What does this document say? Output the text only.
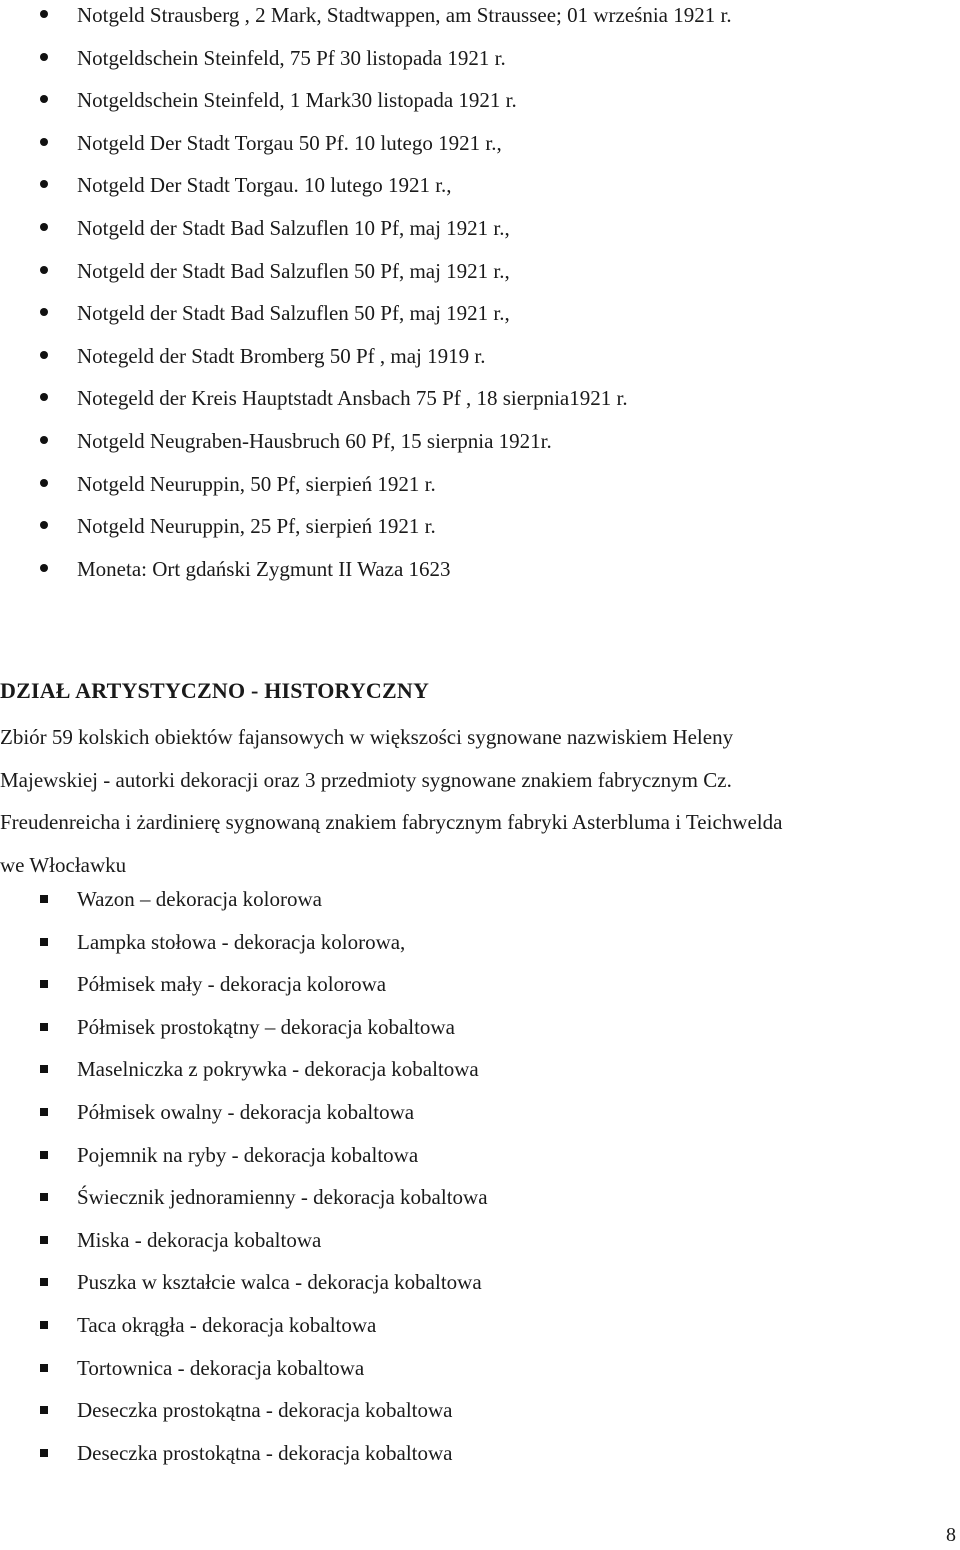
Notgeld Strausberg , 2 Mark, Stadtwappen, am Straussee; 01 września 1921 r.
Notgeldschein Steinfeld, 75 Pf 30 listopada 1921 r.
Notgeldschein Steinfeld, 1 Mark30 listopada 1921 r.
Notgeld Der Stadt Torgau 50 Pf. 10 lutego 1921 r.,
Notgeld Der Stadt Torgau. 10 lutego 1921 r.,
Notgeld der Stadt Bad Salzuflen 10 Pf, maj 1921 r.,
Notgeld der Stadt Bad Salzuflen 50 Pf, maj 1921 r.,
Notgeld der Stadt Bad Salzuflen 50 Pf, maj 1921 r.,
Notegeld der Stadt Bromberg 50 Pf , maj 1919 r.
Notegeld der Kreis Hauptstadt Ansbach 75 Pf , 18 sierpnia1921 r.
Notgeld Neugraben-Hausbruch 60 Pf, 15 sierpnia 1921r.
Notgeld Neuruppin, 50 Pf, sierpień 1921 r.
Notgeld Neuruppin, 25 Pf, sierpień 1921 r.
Moneta: Ort gdański Zygmunt II Waza 1623
DZIAŁ ARTYSTYCZNO - HISTORYCZNY
Zbiór 59 kolskich obiektów fajansowych w większości sygnowane nazwiskiem Heleny
Majewskiej - autorki dekoracji oraz 3 przedmioty sygnowane znakiem fabrycznym Cz.
Freudenreicha i żardinierę sygnowaną znakiem fabrycznym fabryki Asterbluma i Teichwelda
we Włocławku
Wazon – dekoracja kolorowa
Lampka stołowa - dekoracja kolorowa,
Półmisek mały - dekoracja kolorowa
Półmisek prostokątny – dekoracja kobaltowa
Maselniczka z pokrywka - dekoracja kobaltowa
Półmisek owalny - dekoracja kobaltowa
Pojemnik na ryby - dekoracja kobaltowa
Świecznik jednoramienny - dekoracja kobaltowa
Miska - dekoracja kobaltowa
Puszka w kształcie walca - dekoracja kobaltowa
Taca okrągła - dekoracja kobaltowa
Tortownica - dekoracja kobaltowa
Deseczka prostokątna - dekoracja kobaltowa
Deseczka prostokątna - dekoracja kobaltowa
8
